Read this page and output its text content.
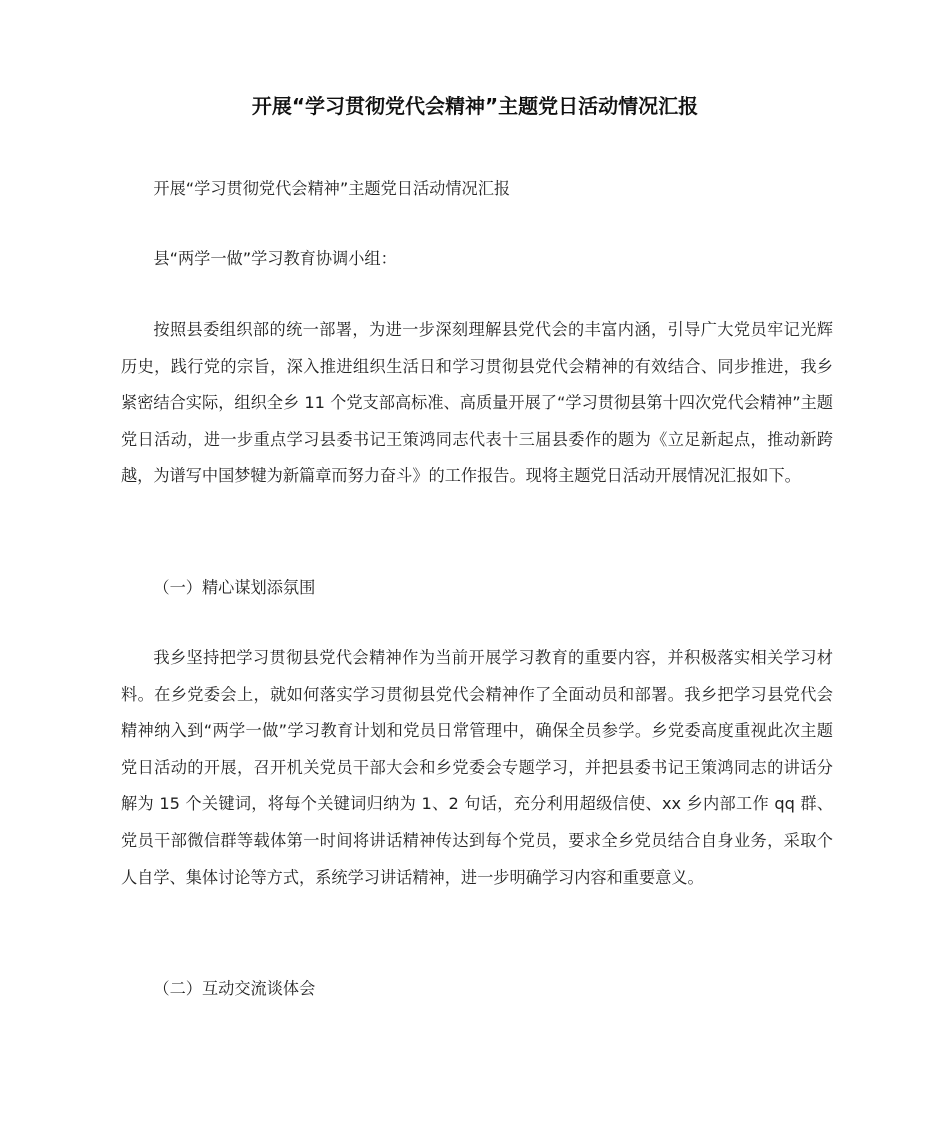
开展“学习贯彻党代会精神”主题党日活动情况汇报

开展“学习贯彻党代会精神”主题党日活动情况汇报

县“两学一做”学习教育协调小组：

按照县委组织部的统一部署，为进一步深刻理解县党代会的丰富内涵，引导广大党员牢记光辉历史，践行党的宗旨，深入推进组织生活日和学习贯彻县党代会精神的有效结合、同步推进，我乡紧密结合实际，组织全乡 11 个党支部高标准、高质量开展了“学习贯彻县第十四次党代会精神”主题党日活动，进一步重点学习县委书记王策鸿同志代表十三届县委作的题为《立足新起点，推动新跨越，为谱写中国梦犍为新篇章而努力奋斗》的工作报告。现将主题党日活动开展情况汇报如下。

（一）精心谋划添氛围

我乡坚持把学习贯彻县党代会精神作为当前开展学习教育的重要内容，并积极落实相关学习材料。在乡党委会上，就如何落实学习贯彻县党代会精神作了全面动员和部署。我乡把学习县党代会精神纳入到“两学一做”学习教育计划和党员日常管理中，确保全员参学。乡党委高度重视此次主题党日活动的开展，召开机关党员干部大会和乡党委会专题学习，并把县委书记王策鸿同志的讲话分解为 15 个关键词，将每个关键词归纳为 1、2 句话，充分利用超级信使、xx 乡内部工作 qq 群、党员干部微信群等载体第一时间将讲话精神传达到每个党员，要求全乡党员结合自身业务，采取个人自学、集体讨论等方式，系统学习讲话精神，进一步明确学习内容和重要意义。

（二）互动交流谈体会
